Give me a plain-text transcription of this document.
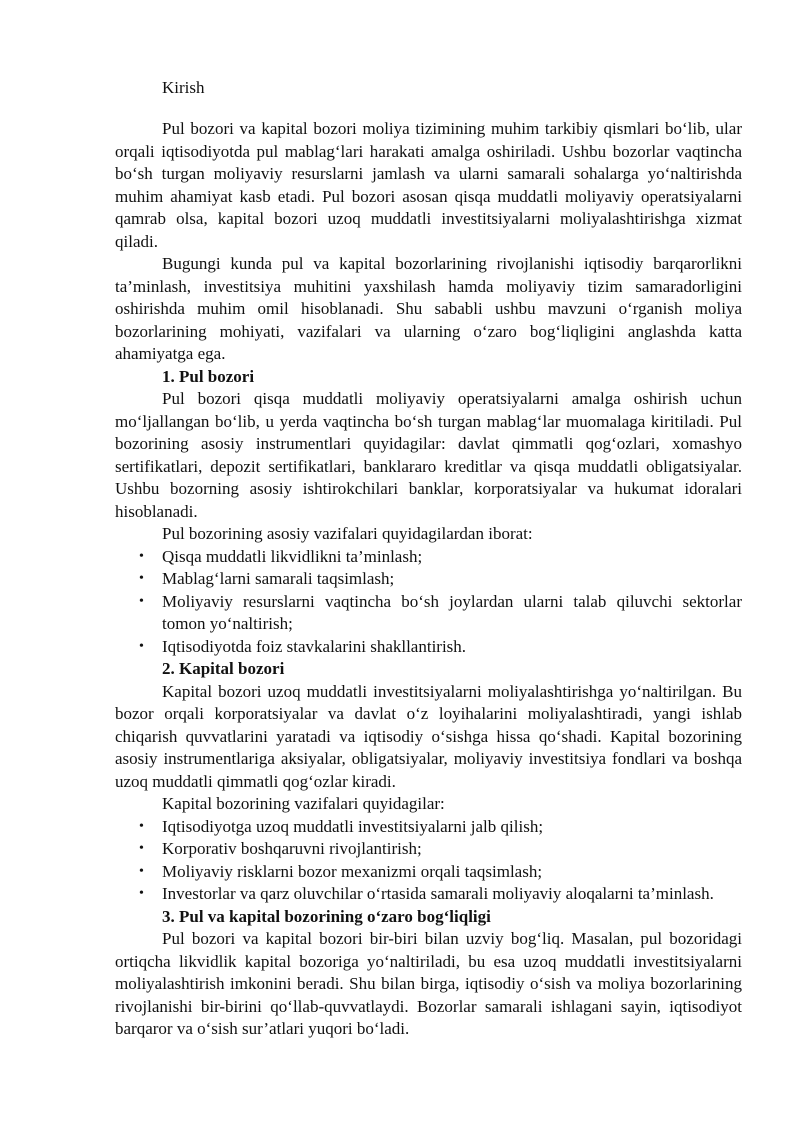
Kirish

Pul bozori va kapital bozori moliya tizimining muhim tarkibiy qismlari bo‘lib, ular orqali iqtisodiyotda pul mablag‘lari harakati amalga oshiriladi. Ushbu bozorlar vaqtincha bo‘sh turgan moliyaviy resurslarni jamlash va ularni samarali sohalarga yo‘naltirishda muhim ahamiyat kasb etadi. Pul bozori asosan qisqa muddatli moliyaviy operatsiyalarni qamrab olsa, kapital bozori uzoq muddatli investitsiyalarni moliyalashtirishga xizmat qiladi.

Bugungi kunda pul va kapital bozorlarining rivojlanishi iqtisodiy barqarorlikni ta’minlash, investitsiya muhitini yaxshilash hamda moliyaviy tizim samaradorligini oshirishda muhim omil hisoblanadi. Shu sababli ushbu mavzuni o‘rganish moliya bozorlarining mohiyati, vazifalari va ularning o‘zaro bog‘liqligini anglashda katta ahamiyatga ega.

1. Pul bozori

Pul bozori qisqa muddatli moliyaviy operatsiyalarni amalga oshirish uchun mo‘ljallangan bo‘lib, u yerda vaqtincha bo‘sh turgan mablag‘lar muomalaga kiritiladi. Pul bozorining asosiy instrumentlari quyidagilar: davlat qimmatli qog‘ozlari, xomashyo sertifikatlari, depozit sertifikatlari, banklararo kreditlar va qisqa muddatli obligatsiyalar. Ushbu bozorning asosiy ishtirokchilari banklar, korporatsiyalar va hukumat idoralari hisoblanadi.

Pul bozorining asosiy vazifalari quyidagilardan iborat:

• Qisqa muddatli likvidlikni ta’minlash;
• Mablag‘larni samarali taqsimlash;
• Moliyaviy resurslarni vaqtincha bo‘sh joylardan ularni talab qiluvchi sektorlar tomon yo‘naltirish;
• Iqtisodiyotda foiz stavkalarini shakllantirish.
2. Kapital bozori

Kapital bozori uzoq muddatli investitsiyalarni moliyalashtirishga yo‘naltirilgan. Bu bozor orqali korporatsiyalar va davlat o‘z loyihalarini moliyalashtiradi, yangi ishlab chiqarish quvvatlarini yaratadi va iqtisodiy o‘sishga hissa qo‘shadi. Kapital bozorining asosiy instrumentlariga aksiyalar, obligatsiyalar, moliyaviy investitsiya fondlari va boshqa uzoq muddatli qimmatli qog‘ozlar kiradi.

Kapital bozorining vazifalari quyidagilar:

• Iqtisodiyotga uzoq muddatli investitsiyalarni jalb qilish;
• Korporativ boshqaruvni rivojlantirish;
• Moliyaviy risklarni bozor mexanizmi orqali taqsimlash;
• Investorlar va qarz oluvchilar o‘rtasida samarali moliyaviy aloqalarni ta’minlash.
3. Pul va kapital bozorining o‘zaro bog‘liqligi

Pul bozori va kapital bozori bir-biri bilan uzviy bog‘liq. Masalan, pul bozoridagi ortiqcha likvidlik kapital bozoriga yo‘naltiriladi, bu esa uzoq muddatli investitsiyalarni moliyalashtirish imkonini beradi. Shu bilan birga, iqtisodiy o‘sish va moliya bozorlarining rivojlanishi bir-birini qo‘llab-quvvatlaydi. Bozorlar samarali ishlagani sayin, iqtisodiyot barqaror va o‘sish sur’atlari yuqori bo‘ladi.
